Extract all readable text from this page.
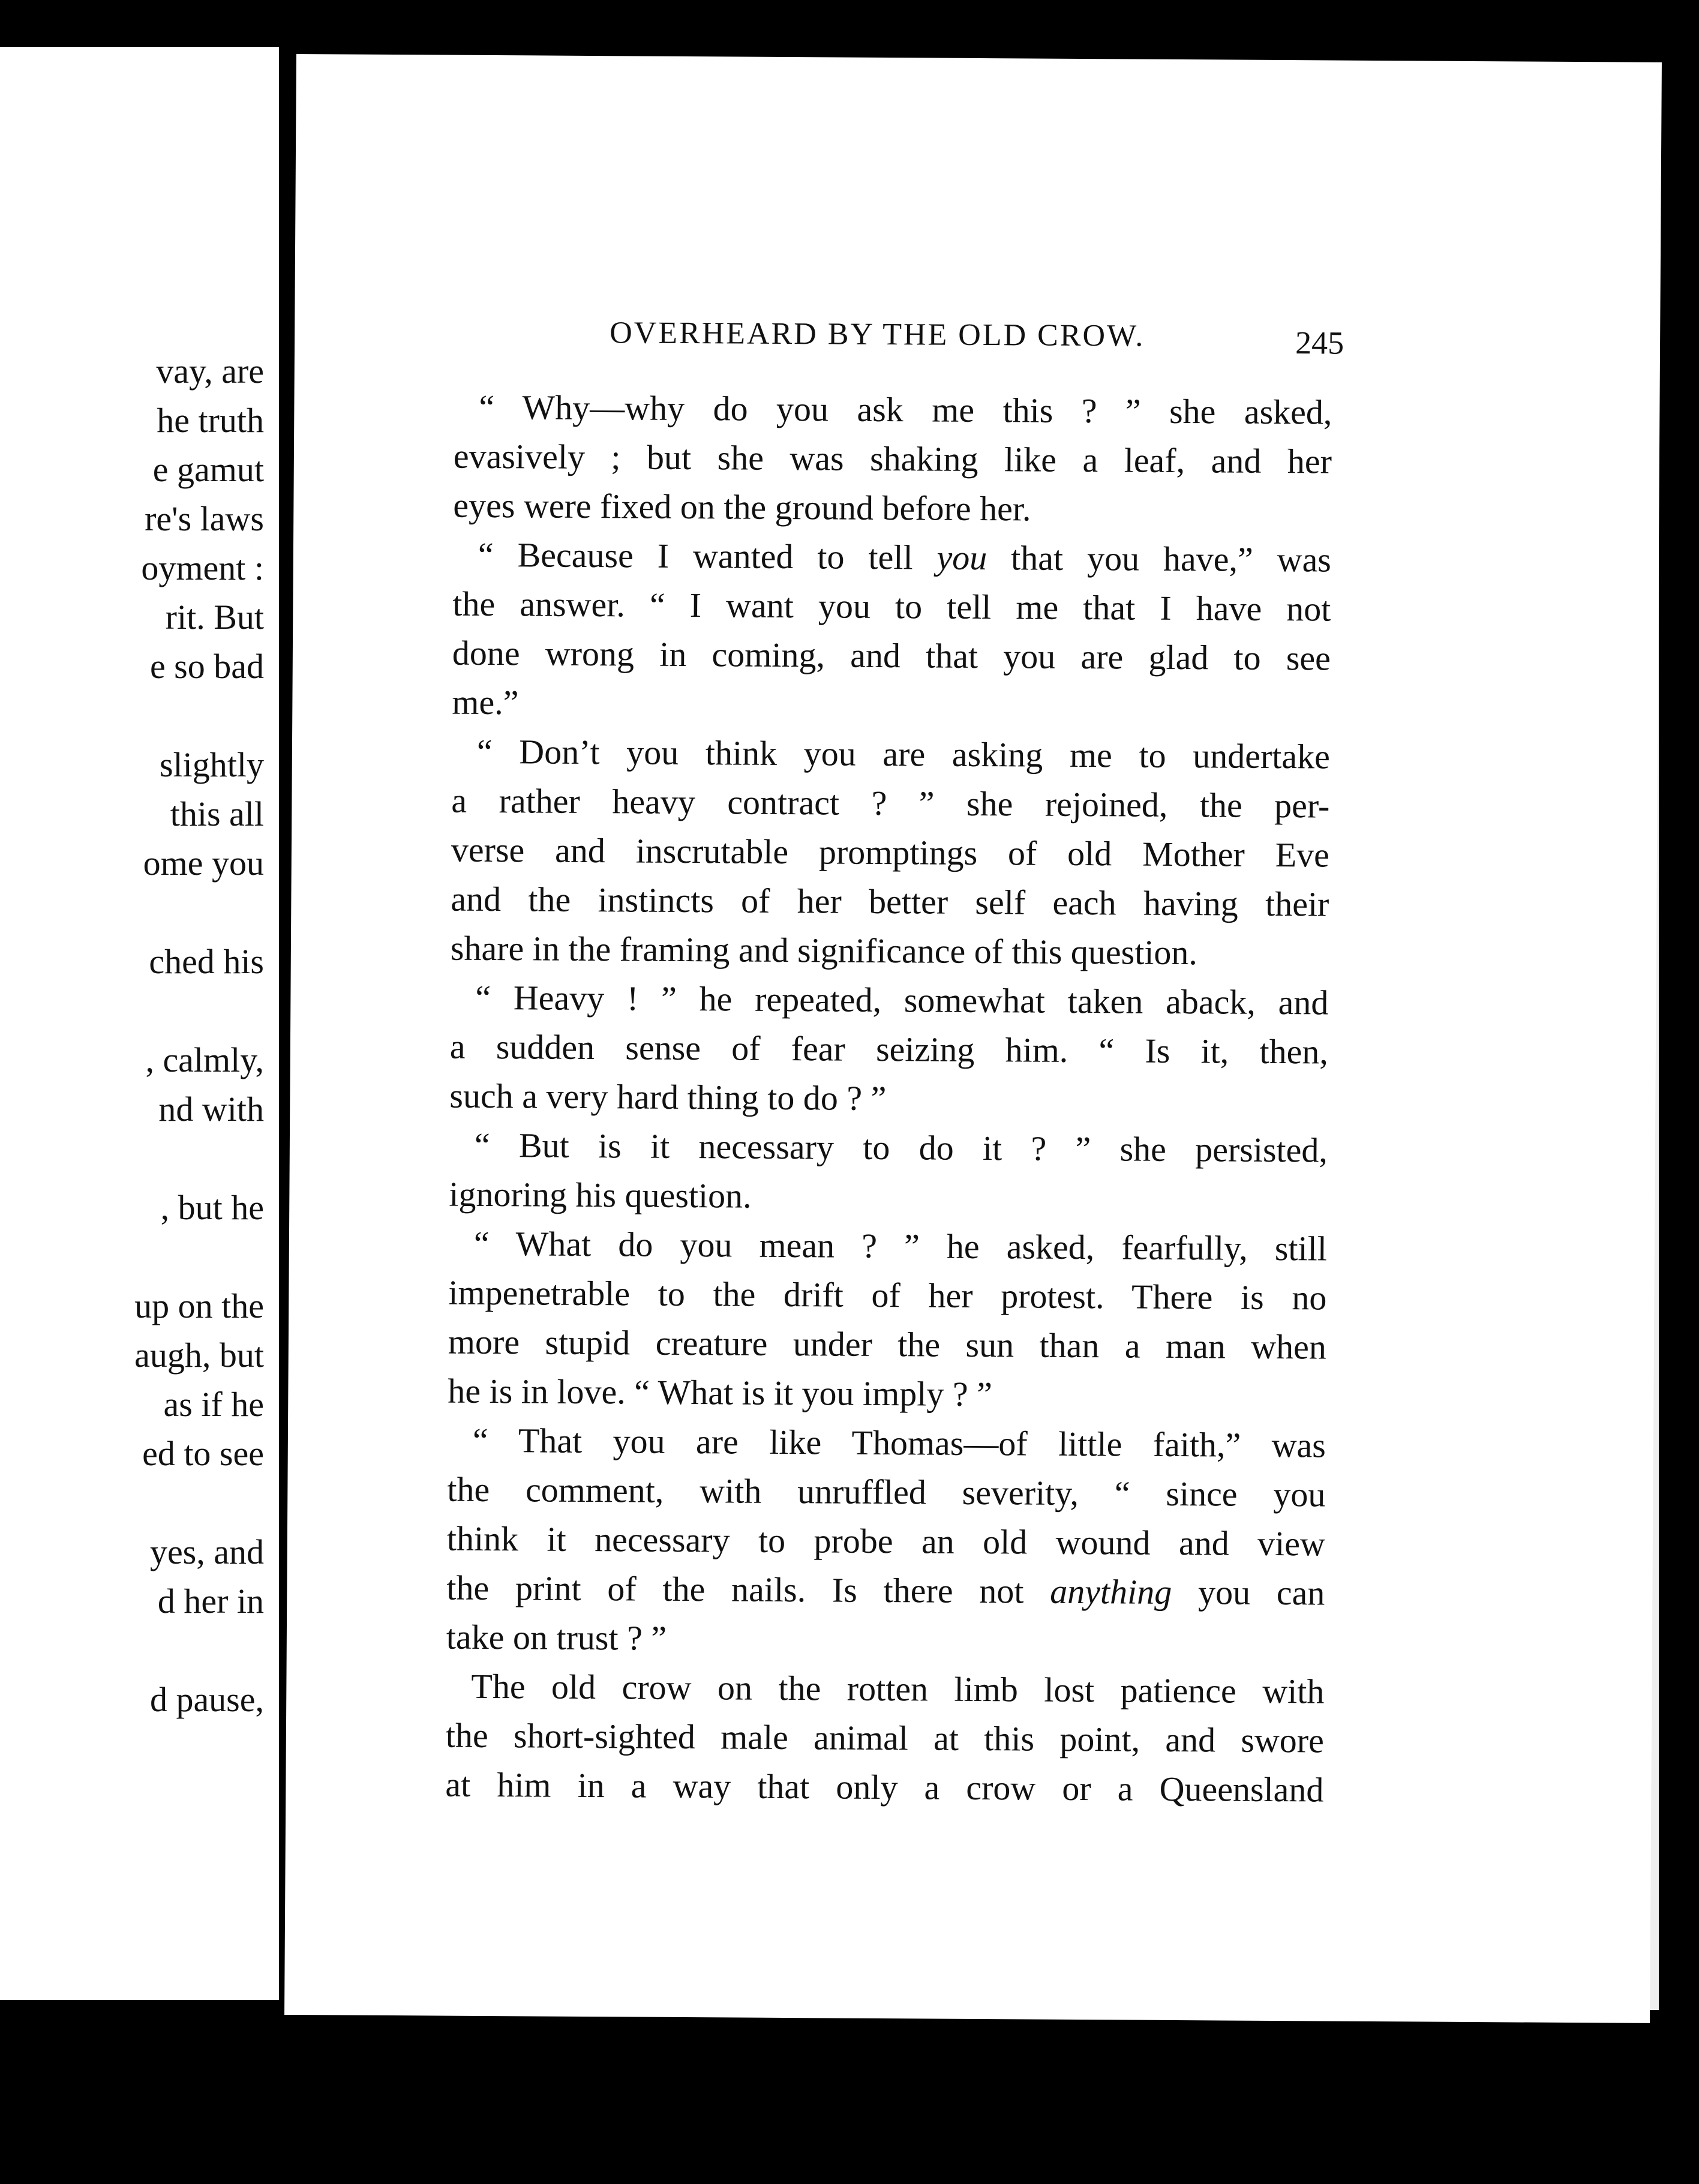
vay, are
he truth
e gamut
re's laws
oyment :
rit. But
e so bad
slightly
this all
ome you
ched his
, calmly,
nd with
, but he
up on the
augh, but
as if he
ed to see
yes, and
d her in
d pause,
OVERHEARD BY THE OLD CROW.	245
“ Why—why do you ask me this ? ” she asked,
evasively ; but she was shaking like a leaf, and her
eyes were fixed on the ground before her.
“ Because I wanted to tell you that you have,” was
the answer. “ I want you to tell me that I have not
done wrong in coming, and that you are glad to see
me.”
“ Don’t you think you are asking me to undertake
a rather heavy contract ? ” she rejoined, the per-
verse and inscrutable promptings of old Mother Eve
and the instincts of her better self each having their
share in the framing and significance of this question.
“ Heavy ! ” he repeated, somewhat taken aback, and
a sudden sense of fear seizing him. “ Is it, then,
such a very hard thing to do ? ”
“ But is it necessary to do it ? ” she persisted,
ignoring his question.
“ What do you mean ? ” he asked, fearfully, still
impenetrable to the drift of her protest. There is no
more stupid creature under the sun than a man when
he is in love. “ What is it you imply ? ”
“ That you are like Thomas—of little faith,” was
the comment, with unruffled severity, “ since you
think it necessary to probe an old wound and view
the print of the nails. Is there not anything you can
take on trust ? ”
The old crow on the rotten limb lost patience with
the short-sighted male animal at this point, and swore
at him in a way that only a crow or a Queensland
